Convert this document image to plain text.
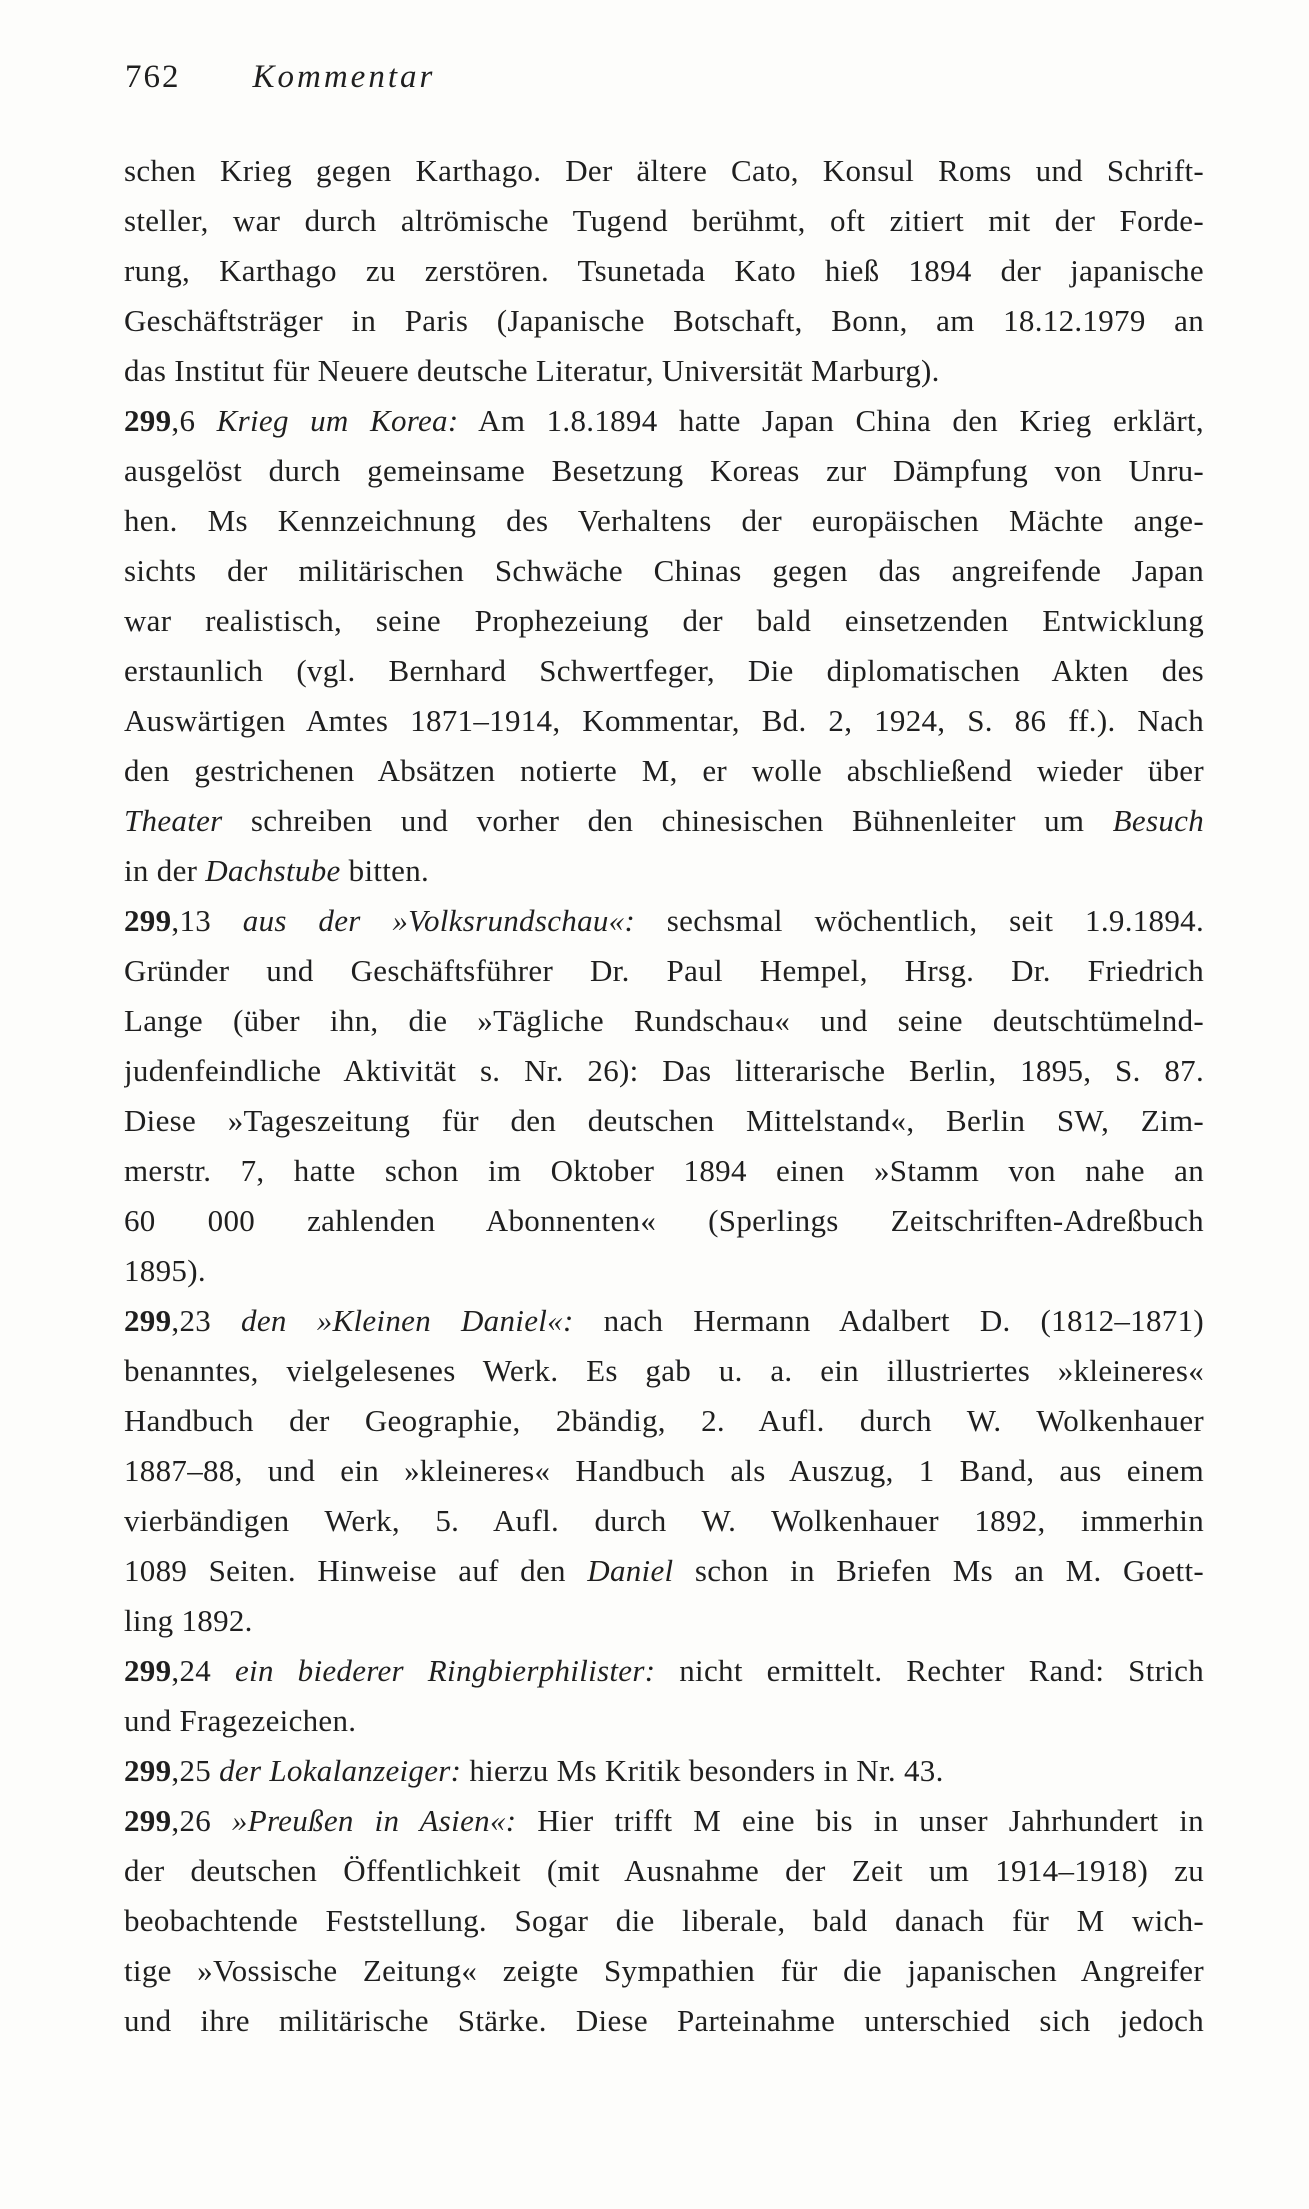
762 Kommentar
schen Krieg gegen Karthago. Der ältere Cato, Konsul Roms und Schrift-
steller, war durch altrömische Tugend berühmt, oft zitiert mit der Forde-
rung, Karthago zu zerstören. Tsunetada Kato hieß 1894 der japanische
Geschäftsträger in Paris (Japanische Botschaft, Bonn, am 18.12.1979 an
das Institut für Neuere deutsche Literatur, Universität Marburg).
299,6 Krieg um Korea: Am 1.8.1894 hatte Japan China den Krieg erklärt,
ausgelöst durch gemeinsame Besetzung Koreas zur Dämpfung von Unru-
hen. Ms Kennzeichnung des Verhaltens der europäischen Mächte ange-
sichts der militärischen Schwäche Chinas gegen das angreifende Japan
war realistisch, seine Prophezeiung der bald einsetzenden Entwicklung
erstaunlich (vgl. Bernhard Schwertfeger, Die diplomatischen Akten des
Auswärtigen Amtes 1871–1914, Kommentar, Bd. 2, 1924, S. 86 ff.). Nach
den gestrichenen Absätzen notierte M, er wolle abschließend wieder über
Theater schreiben und vorher den chinesischen Bühnenleiter um Besuch
in der Dachstube bitten.
299,13 aus der »Volksrundschau«: sechsmal wöchentlich, seit 1.9.1894.
Gründer und Geschäftsführer Dr. Paul Hempel, Hrsg. Dr. Friedrich
Lange (über ihn, die »Tägliche Rundschau« und seine deutschtümelnd-
judenfeindliche Aktivität s. Nr. 26): Das litterarische Berlin, 1895, S. 87.
Diese »Tageszeitung für den deutschen Mittelstand«, Berlin SW, Zim-
merstr. 7, hatte schon im Oktober 1894 einen »Stamm von nahe an
60 000 zahlenden Abonnenten« (Sperlings Zeitschriften-Adreßbuch
1895).
299,23 den »Kleinen Daniel«: nach Hermann Adalbert D. (1812–1871)
benanntes, vielgelesenes Werk. Es gab u. a. ein illustriertes »kleineres«
Handbuch der Geographie, 2bändig, 2. Aufl. durch W. Wolkenhauer
1887–88, und ein »kleineres« Handbuch als Auszug, 1 Band, aus einem
vierbändigen Werk, 5. Aufl. durch W. Wolkenhauer 1892, immerhin
1089 Seiten. Hinweise auf den Daniel schon in Briefen Ms an M. Goett-
ling 1892.
299,24 ein biederer Ringbierphilister: nicht ermittelt. Rechter Rand: Strich
und Fragezeichen.
299,25 der Lokalanzeiger: hierzu Ms Kritik besonders in Nr. 43.
299,26 »Preußen in Asien«: Hier trifft M eine bis in unser Jahrhundert in
der deutschen Öffentlichkeit (mit Ausnahme der Zeit um 1914–1918) zu
beobachtende Feststellung. Sogar die liberale, bald danach für M wich-
tige »Vossische Zeitung« zeigte Sympathien für die japanischen Angreifer
und ihre militärische Stärke. Diese Parteinahme unterschied sich jedoch
